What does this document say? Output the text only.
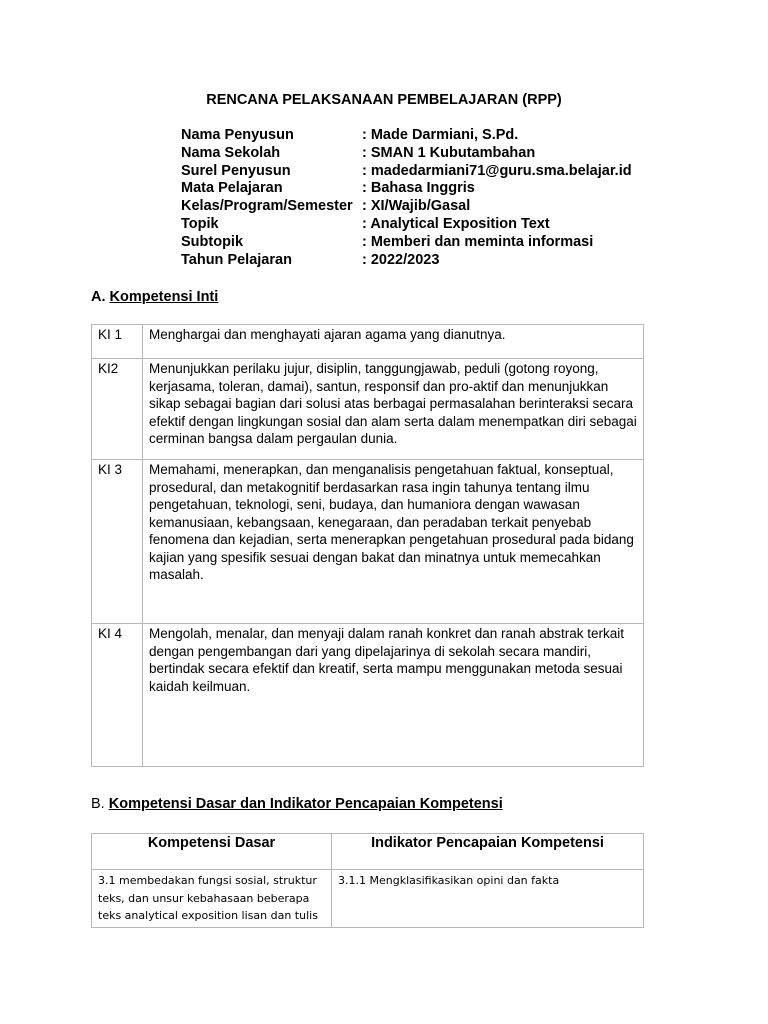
RENCANA PELAKSANAAN PEMBELAJARAN (RPP)
Nama Penyusun	: Made Darmiani, S.Pd.
Nama Sekolah	: SMAN 1 Kubutambahan
Surel Penyusun	: madedarmiani71@guru.sma.belajar.id
Mata Pelajaran	: Bahasa Inggris
Kelas/Program/Semester	: XI/Wajib/Gasal
Topik	: Analytical Exposition Text
Subtopik	: Memberi dan meminta informasi
Tahun Pelajaran	: 2022/2023
A. Kompetensi Inti
KI 1	Menghargai dan menghayati ajaran agama yang dianutnya.
KI2	Menunjukkan perilaku jujur, disiplin, tanggungjawab, peduli (gotong royong, kerjasama, toleran, damai), santun, responsif dan pro-aktif dan menunjukkan sikap sebagai bagian dari solusi atas berbagai permasalahan berinteraksi secara efektif dengan lingkungan sosial dan alam serta dalam menempatkan diri sebagai cerminan bangsa dalam pergaulan dunia.
KI 3	Memahami, menerapkan, dan menganalisis pengetahuan faktual, konseptual, prosedural, dan metakognitif berdasarkan rasa ingin tahunya tentang ilmu pengetahuan, teknologi, seni, budaya, dan humaniora dengan wawasan kemanusiaan, kebangsaan, kenegaraan, dan peradaban terkait penyebab fenomena dan kejadian, serta menerapkan pengetahuan prosedural pada bidang kajian yang spesifik sesuai dengan bakat dan minatnya untuk memecahkan masalah.
KI 4	Mengolah, menalar, dan menyaji dalam ranah konkret dan ranah abstrak terkait dengan pengembangan dari yang dipelajarinya di sekolah secara mandiri, bertindak secara efektif dan kreatif, serta mampu menggunakan metoda sesuai kaidah keilmuan.
B. Kompetensi Dasar dan Indikator Pencapaian Kompetensi
Kompetensi Dasar	Indikator Pencapaian Kompetensi
3.1 membedakan fungsi sosial, struktur teks, dan unsur kebahasaan beberapa teks analytical exposition lisan dan tulis	3.1.1 Mengklasifikasikan opini dan fakta
